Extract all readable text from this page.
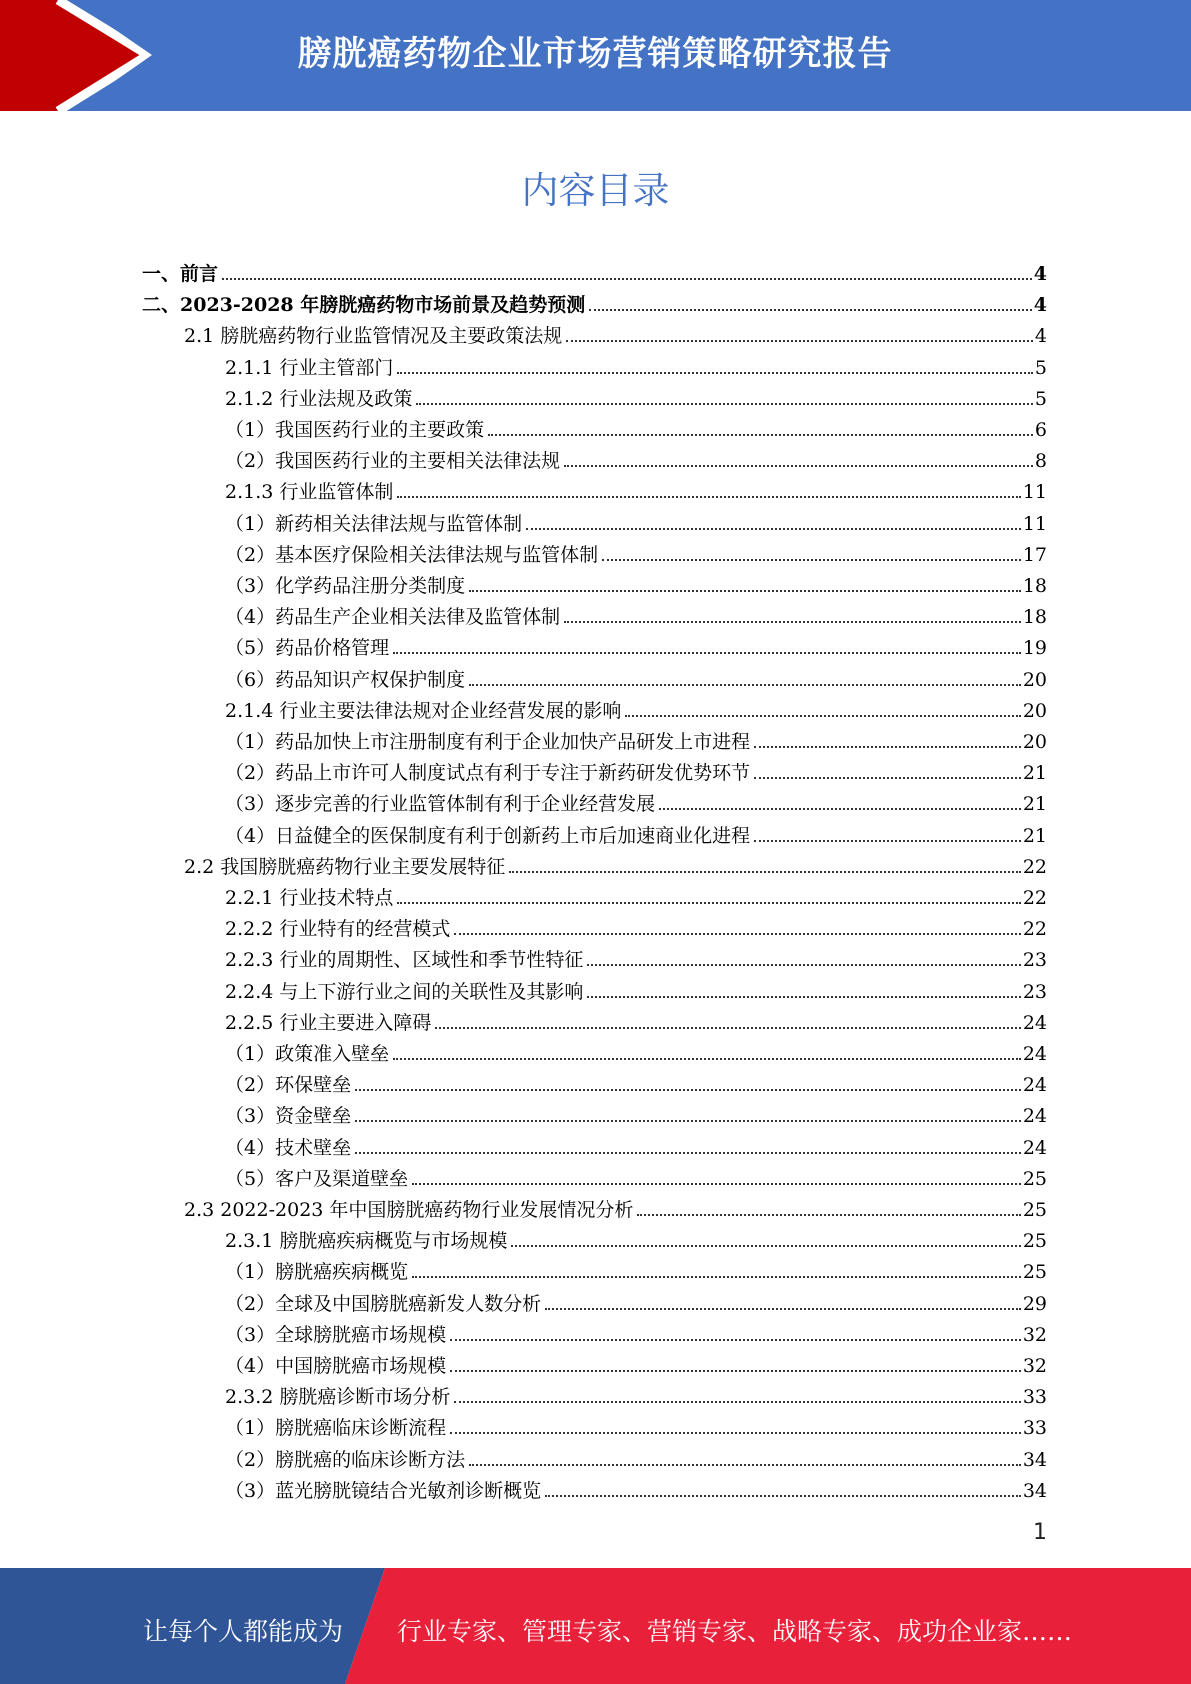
膀胱癌药物企业市场营销策略研究报告
内容目录
一、前言	4
二、2023-2028 年膀胱癌药物市场前景及趋势预测	4
2.1 膀胱癌药物行业监管情况及主要政策法规	4
2.1.1 行业主管部门	5
2.1.2 行业法规及政策	5
（1）我国医药行业的主要政策	6
（2）我国医药行业的主要相关法律法规	8
2.1.3 行业监管体制	11
（1）新药相关法律法规与监管体制	11
（2）基本医疗保险相关法律法规与监管体制	17
（3）化学药品注册分类制度	18
（4）药品生产企业相关法律及监管体制	18
（5）药品价格管理	19
（6）药品知识产权保护制度	20
2.1.4 行业主要法律法规对企业经营发展的影响	20
（1）药品加快上市注册制度有利于企业加快产品研发上市进程	20
（2）药品上市许可人制度试点有利于专注于新药研发优势环节	21
（3）逐步完善的行业监管体制有利于企业经营发展	21
（4）日益健全的医保制度有利于创新药上市后加速商业化进程	21
2.2 我国膀胱癌药物行业主要发展特征	22
2.2.1 行业技术特点	22
2.2.2 行业特有的经营模式	22
2.2.3 行业的周期性、区域性和季节性特征	23
2.2.4 与上下游行业之间的关联性及其影响	23
2.2.5 行业主要进入障碍	24
（1）政策准入壁垒	24
（2）环保壁垒	24
（3）资金壁垒	24
（4）技术壁垒	24
（5）客户及渠道壁垒	25
2.3 2022-2023 年中国膀胱癌药物行业发展情况分析	25
2.3.1 膀胱癌疾病概览与市场规模	25
（1）膀胱癌疾病概览	25
（2）全球及中国膀胱癌新发人数分析	29
（3）全球膀胱癌市场规模	32
（4）中国膀胱癌市场规模	32
2.3.2 膀胱癌诊断市场分析	33
（1）膀胱癌临床诊断流程	33
（2）膀胱癌的临床诊断方法	34
（3）蓝光膀胱镜结合光敏剂诊断概览	34
1
让每个人都能成为 行业专家、管理专家、营销专家、战略专家、成功企业家……
